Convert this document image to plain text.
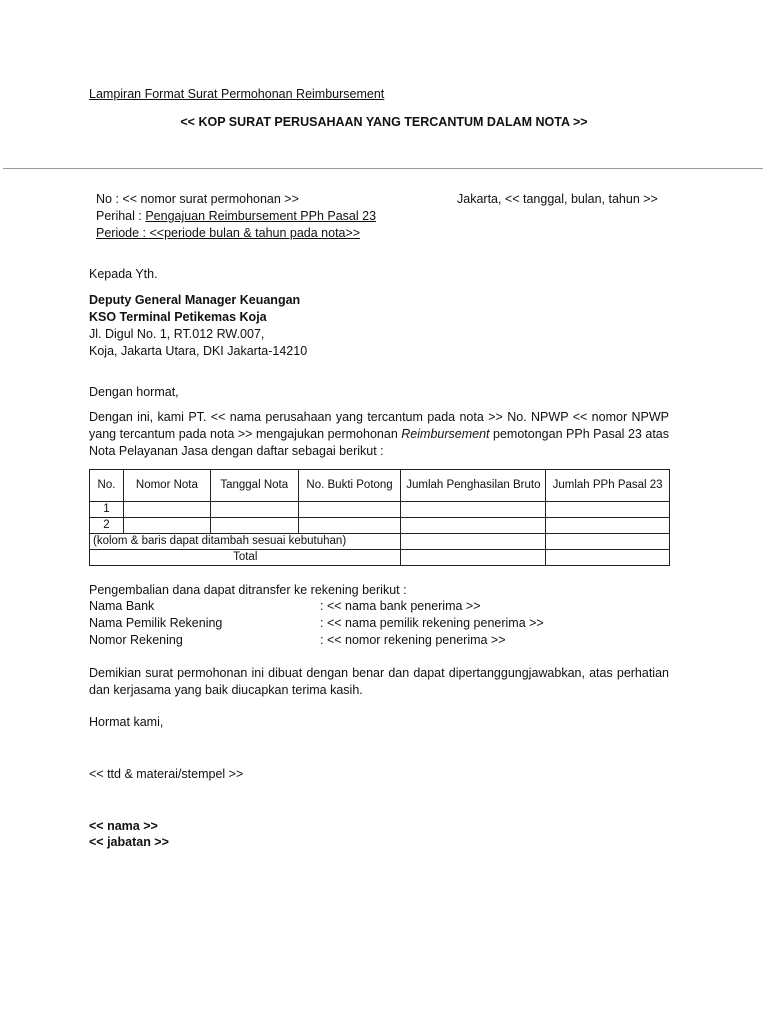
Lampiran Format Surat Permohonan Reimbursement
<< KOP SURAT PERUSAHAAN YANG TERCANTUM DALAM NOTA >>
No : << nomor surat permohonan >>	Jakarta, << tanggal, bulan, tahun >>
Perihal : Pengajuan Reimbursement PPh Pasal 23
Periode : <<periode bulan & tahun pada nota>>
Kepada Yth.
Deputy General Manager Keuangan
KSO Terminal Petikemas Koja
Jl. Digul No. 1, RT.012 RW.007,
Koja, Jakarta Utara, DKI Jakarta-14210
Dengan hormat,
Dengan ini, kami PT. << nama perusahaan yang tercantum pada nota >> No. NPWP << nomor NPWP yang tercantum pada nota >> mengajukan permohonan Reimbursement pemotongan PPh Pasal 23 atas Nota Pelayanan Jasa dengan daftar sebagai berikut :
No.	Nomor Nota	Tanggal Nota	No. Bukti Potong	Jumlah Penghasilan Bruto	Jumlah PPh Pasal 23
1					
2					
(kolom & baris dapat ditambah sesuai kebutuhan)					
Total					
Pengembalian dana dapat ditransfer ke rekening berikut :
Nama Bank	: << nama bank penerima >>
Nama Pemilik Rekening	: << nama pemilik rekening penerima >>
Nomor Rekening	: << nomor rekening penerima >>
Demikian surat permohonan ini dibuat dengan benar dan dapat dipertanggungjawabkan, atas perhatian dan kerjasama yang baik diucapkan terima kasih.
Hormat kami,
<< ttd & materai/stempel >>
<< nama >>
<< jabatan >>
